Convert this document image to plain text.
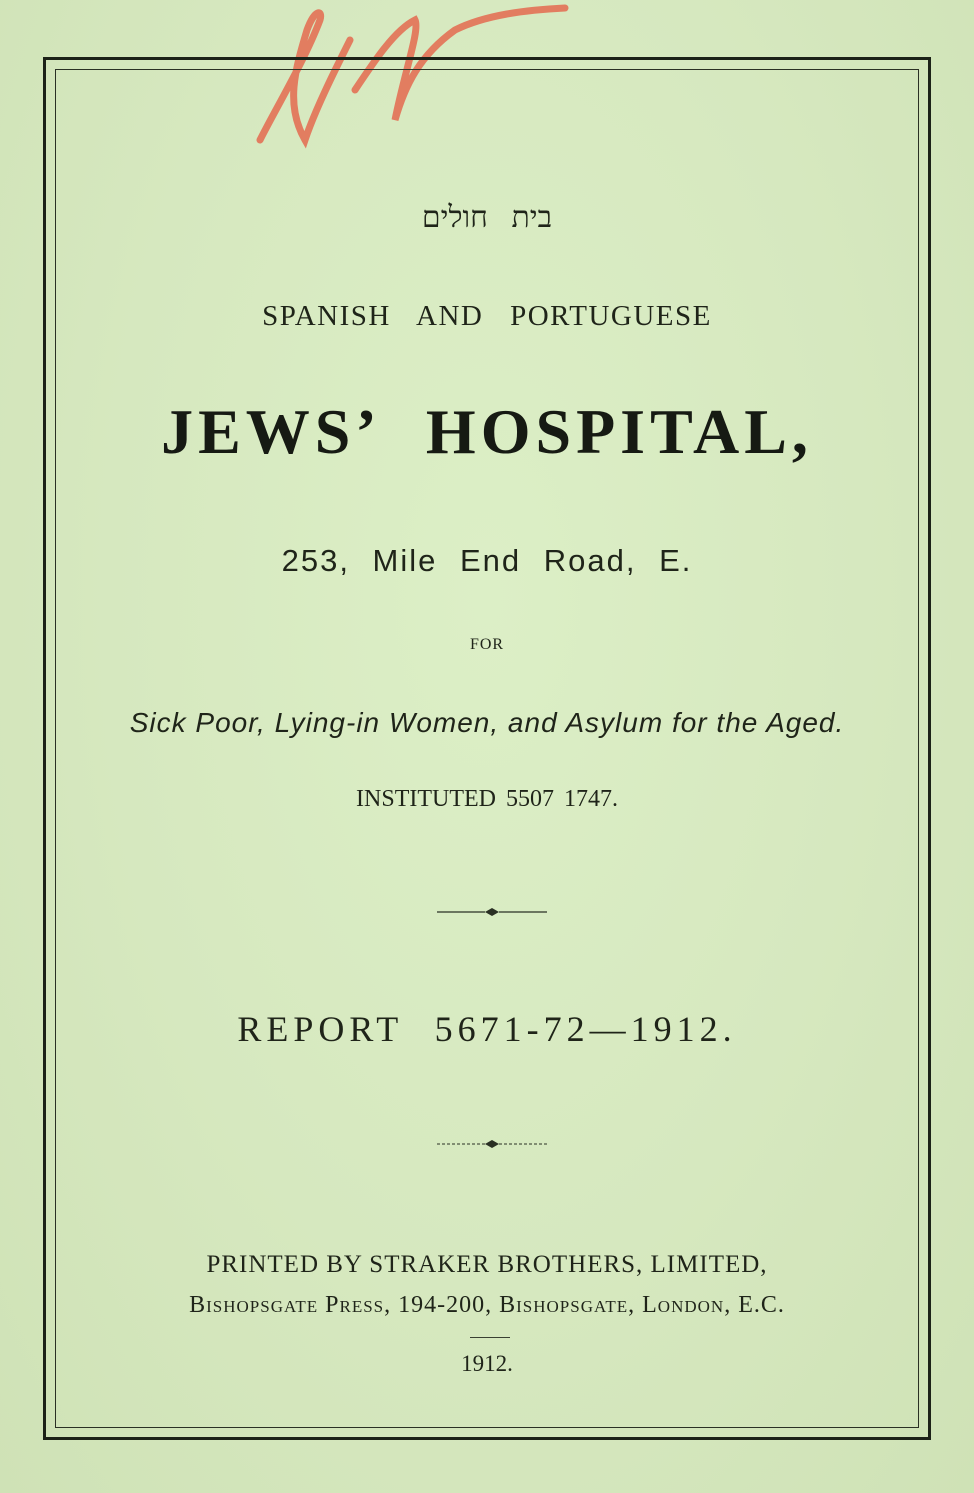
בית חולים
SPANISH AND PORTUGUESE
JEWS’ HOSPITAL,
253, Mile End Road, E.
FOR
Sick Poor, Lying-in Women, and Asylum for the Aged.
INSTITUTED 5507 1747.
REPORT 5671-72—1912.
PRINTED BY STRAKER BROTHERS, LIMITED,
Bishopsgate Press, 194-200, Bishopsgate, London, E.C.
1912.
